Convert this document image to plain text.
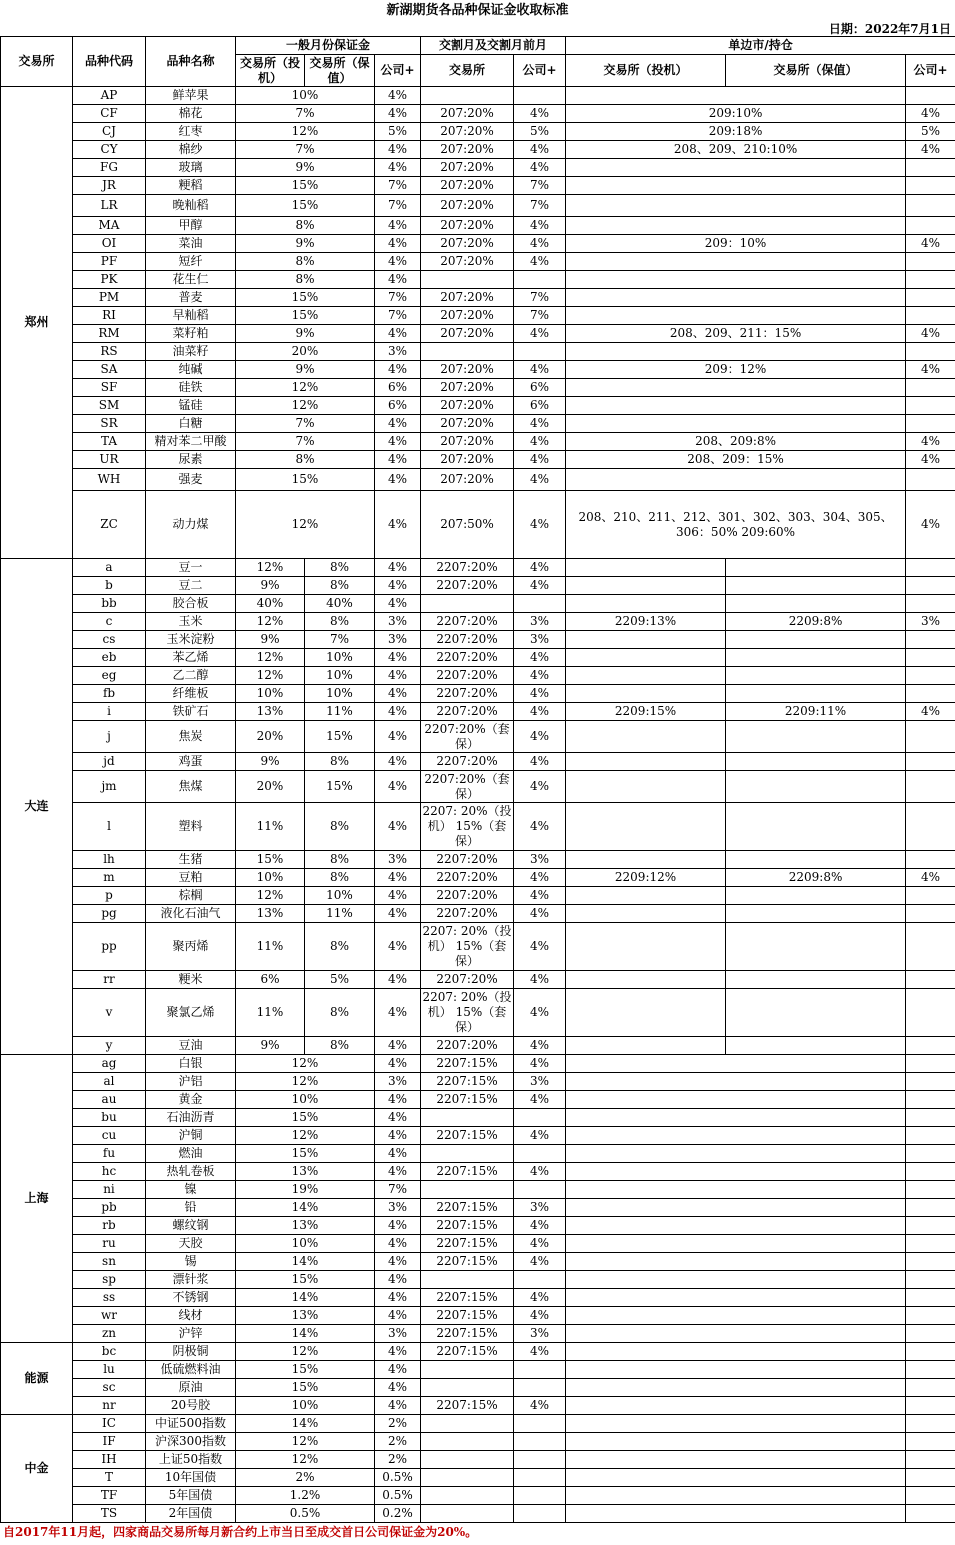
新湖期货各品种保证金收取标准
日期：2022年7月1日
交易所	品种代码	品种名称	一般月份保证金			交割月及交割月前月		单边市/持仓		
			交易所（投机）	交易所（保值）	公司+	交易所	公司+	交易所（投机）	交易所（保值）	公司+
郑州	AP	鲜苹果	10%		4%					
	CF	棉花	7%		4%	207:20%	4%	209:10%		4%
	CJ	红枣	12%		5%	207:20%	5%	209:18%		5%
	CY	棉纱	7%		4%	207:20%	4%	208、209、210:10%		4%
	FG	玻璃	9%		4%	207:20%	4%			
	JR	粳稻	15%		7%	207:20%	7%			
	LR	晚籼稻	15%		7%	207:20%	7%			
	MA	甲醇	8%		4%	207:20%	4%			
	OI	菜油	9%		4%	207:20%	4%	209：10%		4%
	PF	短纤	8%		4%	207:20%	4%			
	PK	花生仁	8%		4%					
	PM	普麦	15%		7%	207:20%	7%			
	RI	早籼稻	15%		7%	207:20%	7%			
	RM	菜籽粕	9%		4%	207:20%	4%	208、209、211：15%		4%
	RS	油菜籽	20%		3%					
	SA	纯碱	9%		4%	207:20%	4%	209：12%		4%
	SF	硅铁	12%		6%	207:20%	6%			
	SM	锰硅	12%		6%	207:20%	6%			
	SR	白糖	7%		4%	207:20%	4%			
	TA	精对苯二甲酸	7%		4%	207:20%	4%	208、209:8%		4%
	UR	尿素	8%		4%	207:20%	4%	208、209：15%		4%
	WH	强麦	15%		4%	207:20%	4%			
	ZC	动力煤	12%		4%	207:50%	4%	208、210、211、212、301、302、303、304、305、306：50% 209:60%		4%
大连	a	豆一	12%	8%	4%	2207:20%	4%			
	b	豆二	9%	8%	4%	2207:20%	4%			
	bb	胶合板	40%	40%	4%					
	c	玉米	12%	8%	3%	2207:20%	3%	2209:13%	2209:8%	3%
	cs	玉米淀粉	9%	7%	3%	2207:20%	3%			
	eb	苯乙烯	12%	10%	4%	2207:20%	4%			
	eg	乙二醇	12%	10%	4%	2207:20%	4%			
	fb	纤维板	10%	10%	4%	2207:20%	4%			
	i	铁矿石	13%	11%	4%	2207:20%	4%	2209:15%	2209:11%	4%
	j	焦炭	20%	15%	4%	2207:20%（套保）	4%			
	jd	鸡蛋	9%	8%	4%	2207:20%	4%			
	jm	焦煤	20%	15%	4%	2207:20%（套保）	4%			
	l	塑料	11%	8%	4%	2207: 20%（投机） 15%（套保）	4%			
	lh	生猪	15%	8%	3%	2207:20%	3%			
	m	豆粕	10%	8%	4%	2207:20%	4%	2209:12%	2209:8%	4%
	p	棕榈	12%	10%	4%	2207:20%	4%			
	pg	液化石油气	13%	11%	4%	2207:20%	4%			
	pp	聚丙烯	11%	8%	4%	2207: 20%（投机） 15%（套保）	4%			
	rr	粳米	6%	5%	4%	2207:20%	4%			
	v	聚氯乙烯	11%	8%	4%	2207: 20%（投机） 15%（套保）	4%			
	y	豆油	9%	8%	4%	2207:20%	4%			
上海	ag	白银	12%		4%	2207:15%	4%			
	al	沪铝	12%		3%	2207:15%	3%			
	au	黄金	10%		4%	2207:15%	4%			
	bu	石油沥青	15%		4%					
	cu	沪铜	12%		4%	2207:15%	4%			
	fu	燃油	15%		4%					
	hc	热轧卷板	13%		4%	2207:15%	4%			
	ni	镍	19%		7%					
	pb	铅	14%		3%	2207:15%	3%			
	rb	螺纹钢	13%		4%	2207:15%	4%			
	ru	天胶	10%		4%	2207:15%	4%			
	sn	锡	14%		4%	2207:15%	4%			
	sp	漂针浆	15%		4%					
	ss	不锈钢	14%		4%	2207:15%	4%			
	wr	线材	13%		4%	2207:15%	4%			
	zn	沪锌	14%		3%	2207:15%	3%			
能源	bc	阴极铜	12%		4%	2207:15%	4%			
	lu	低硫燃料油	15%		4%					
	sc	原油	15%		4%					
	nr	20号胶	10%		4%	2207:15%	4%			
中金	IC	中证500指数	14%		2%					
	IF	沪深300指数	12%		2%					
	IH	上证50指数	12%		2%					
	T	10年国债	2%		0.5%					
	TF	5年国债	1.2%		0.5%					
	TS	2年国债	0.5%		0.2%					
自2017年11月起，四家商品交易所每月新合约上市当日至成交首日公司保证金为20%。
